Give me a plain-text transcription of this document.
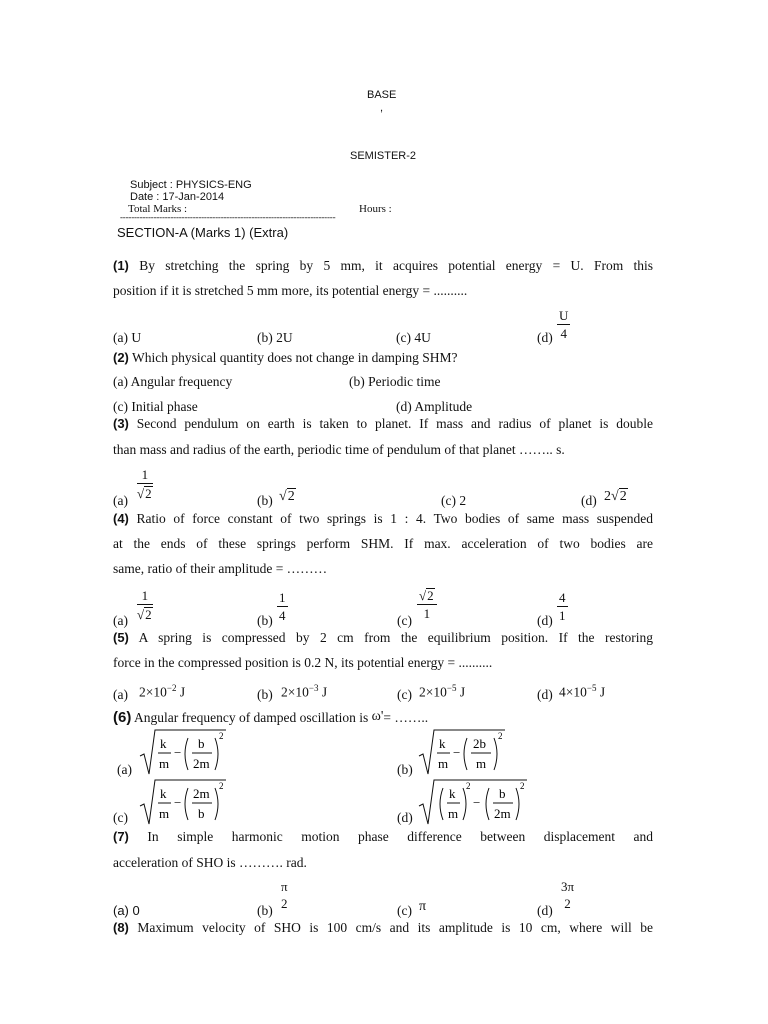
BASE
,
SEMISTER-2
Subject : PHYSICS-ENG
Date : 17-Jan-2014
Total Marks :	Hours :
-----------------------------------------------------------------------------
SECTION-A (Marks 1) (Extra)
(1) By stretching the spring by 5 mm, it acquires potential energy = U. From this
position if it is stretched 5 mm more, its potential energy = ..........
(a) U	(b) 2U	(c) 4U	$(d) \frac{U}{4}$
(2) Which physical quantity does not change in damping SHM?
(a) Angular frequency	(b) Periodic time
(c) Initial phase	(d) Amplitude
(3) Second pendulum on earth is taken to planet. If mass and radius of planet is double
than mass and radius of the earth, periodic time of pendulum of that planet …….. s.
(a)
$\frac{1}{√2}$
(b) √2	(c) 2	(d) 2√2
(4) Ratio of force constant of two springs is 1 : 4. Two bodies of same mass suspended
at the ends of these springs perform SHM. If max. acceleration of two bodies are
same, ratio of their amplitude = ………
$(a) \frac{1}{√2}$	$(b) \frac{1}{4}$	(c)
$\frac{√2}{1}$
$(d) \frac{4}{1}$
(5) A spring is compressed by 2 cm from the equilibrium position. If the restoring
force in the compressed position is 0.2 N, its potential energy = ..........
(a) $2\times 10^{-2}$ J	(b) $2\times 10^{-3}$ J	(c) $2\times 10^{-5}$ J	(d) $4\times 10^{-5}$ J
(6) Angular frequency of damped oscillation is ω'= ……..
(a)
k
m
−
b
2m
2
(b)
k
m
−
2b
m
2
(c)
k
m
−
2m
b
2
(d)
k
m
2
−
b
2m
2
(7) In simple harmonic motion phase difference between displacement and
acceleration of SHO is ………. rad.
(a) 0	(b)
π
2	(c) π	(d)
3π
2
(8) Maximum velocity of SHO is 100 cm/s and its amplitude is 10 cm, where will be
